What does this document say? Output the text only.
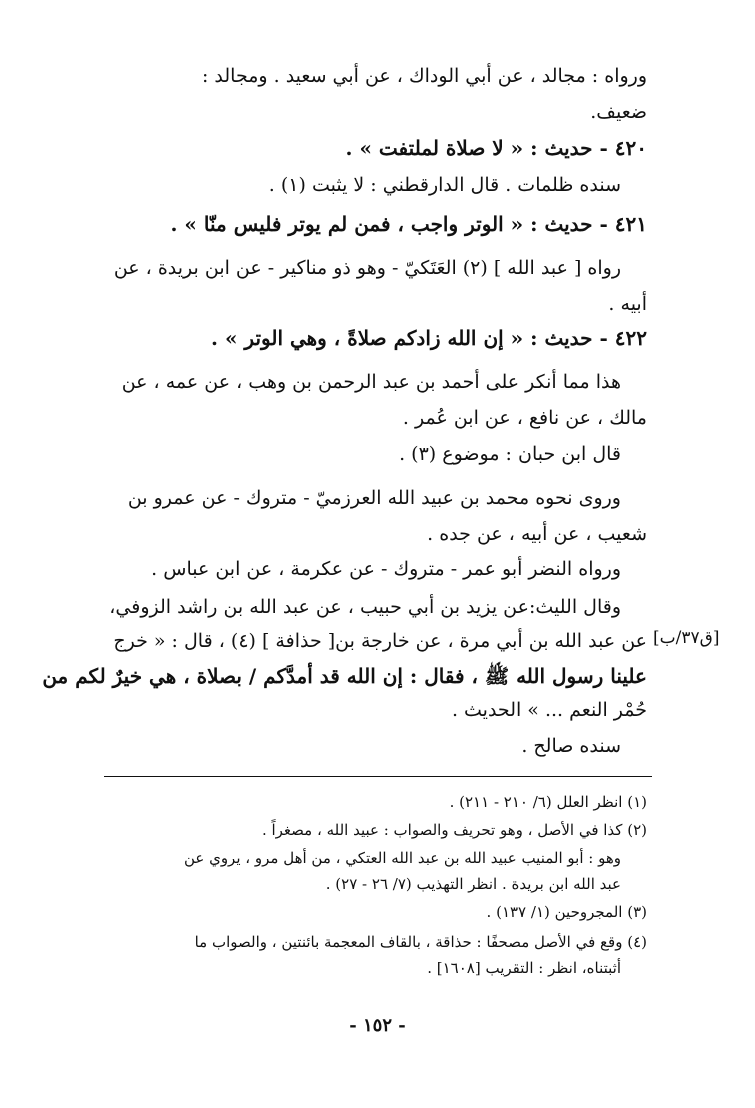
ورواه : مجالد ، عن أبي الوداك ، عن أبي سعيد . ومجالد :
ضعيف.
٤٢٠ - حديث : « لا صلاة لملتفت » .
سنده ظلمات . قال الدارقطني : لا يثبت (١) .
٤٢١ - حديث : « الوتر واجب ، فمن لم يوتر فليس منّا » .
رواه [ عبد الله ] (٢) العَتَكيّ - وهو ذو مناكير - عن ابن بريدة ، عن
أبيه .
٤٢٢ - حديث : « إن الله زادكم صلاةً ، وهي الوتر » .
هذا مما أنكر على أحمد بن عبد الرحمن بن وهب ، عن عمه ، عن
مالك ، عن نافع ، عن ابن عُمر .
قال ابن حبان : موضوع (٣) .
وروى نحوه محمد بن عبيد الله العرزميّ - متروك - عن عمرو بن
شعيب ، عن أبيه ، عن جده .
ورواه النضر أبو عمر - متروك - عن عكرمة ، عن ابن عباس .
وقال الليث:عن يزيد بن أبي حبيب ، عن عبد الله بن راشد الزوفي،
عن عبد الله بن أبي مرة ، عن خارجة بن[ حذافة ] (٤) ، قال : « خرج
علينا رسول الله ﷺ ، فقال : إن الله قد أمدَّكم / بصلاة ، هي خيرٌ لكم من
حُمْر النعم ... » الحديث .
سنده صالح .
[ق٣٧/ب]
(١) انظر العلل (٦/ ٢١٠ - ٢١١) .
(٢) كذا في الأصل ، وهو تحريف والصواب : عبيد الله ، مصغراً .
وهو : أبو المنيب عبيد الله بن عبد الله العتكي ، من أهل مرو ، يروي عن
عبد الله ابن بريدة . انظر التهذيب (٧/ ٢٦ - ٢٧) .
(٣) المجروحين (١/ ١٣٧) .
(٤) وقع في الأصل مصحفًا : حذاقة ، بالقاف المعجمة بائنتين ، والصواب ما
أثبتناه، انظر : التقريب [١٦٠٨] .
- ١٥٢ -
